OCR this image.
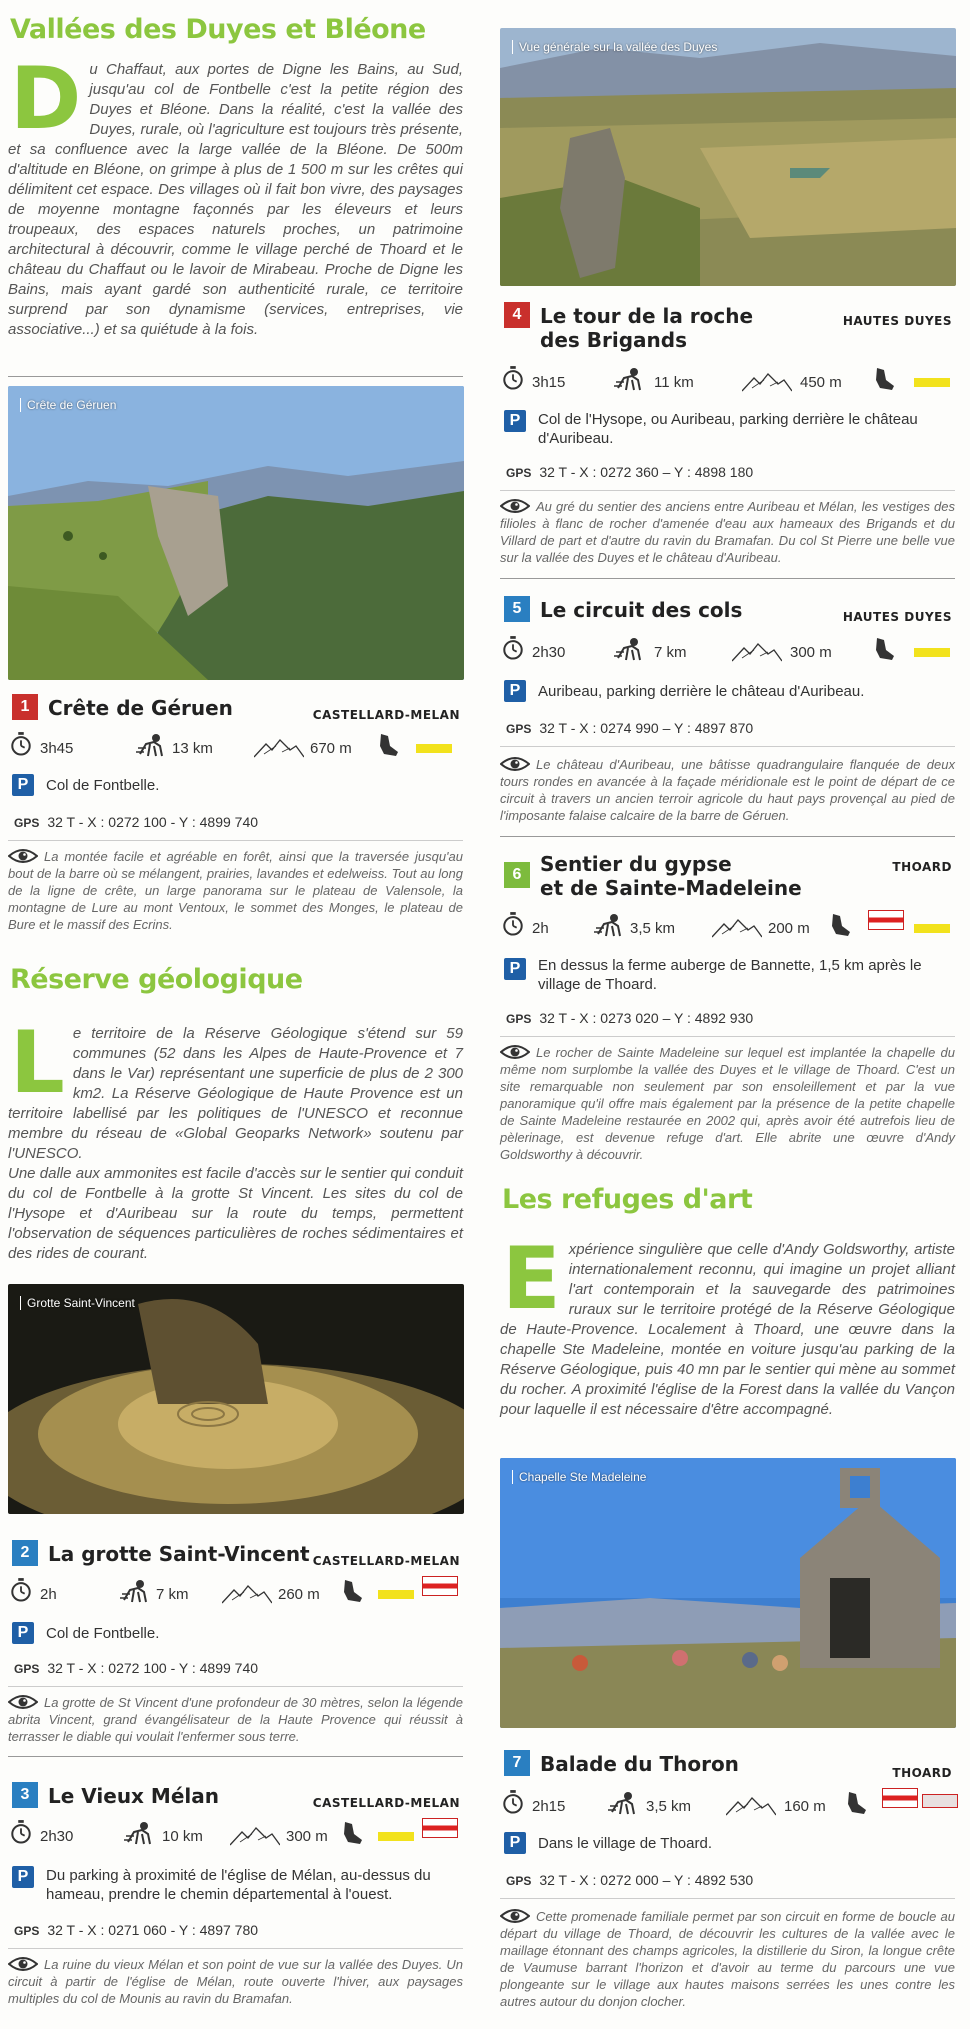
Vallées des Duyes et Bléone
Du Chaffaut, aux portes de Digne les Bains, au Sud, jusqu'au col de Fontbelle c'est la petite région des Duyes et Bléone. Dans la réalité, c'est la vallée des Duyes, rurale, où l'agriculture est toujours très présente, et sa confluence avec la large vallée de la Bléone. De 500m d'altitude en Bléone, on grimpe à plus de 1 500 m sur les crêtes qui délimitent cet espace. Des villages où il fait bon vivre, des paysages de moyenne montagne façonnés par les éleveurs et leurs troupeaux, des espaces naturels proches, un patrimoine architectural à découvrir, comme le village perché de Thoard et le château du Chaffaut ou le lavoir de Mirabeau. Proche de Digne les Bains, mais ayant gardé son authenticité rurale, ce territoire surprend par son dynamisme (services, entreprises, vie associative...) et sa quiétude à la fois.
Crête de Géruen
1 Crête de Géruen	CASTELLARD-MELAN
3h45	13 km	670 m
P	Col de Fontbelle.
GPS 32 T - X : 0272 100 - Y : 4899 740

La montée facile et agréable en forêt, ainsi que la traversée jusqu'au bout de la barre où se mélangent, prairies, lavandes et edelweiss. Tout au long de la ligne de crête, un large panorama sur le plateau de Valensole, la montagne de Lure au mont Ventoux, le sommet des Monges, le plateau de Bure et le massif des Ecrins.

Réserve géologique
Le territoire de la Réserve Géologique s'étend sur 59 communes (52 dans les Alpes de Haute-Provence et 7 dans le Var) représentant une superficie de plus de 2 300 km2. La Réserve Géologique de Haute Provence est un territoire labellisé par les politiques de l'UNESCO et reconnue membre du réseau de «Global Geoparks Network» soutenu par l'UNESCO.
Une dalle aux ammonites est facile d'accès sur le sentier qui conduit du col de Fontbelle à la grotte St Vincent. Les sites du col de l'Hysope et d'Auribeau sur la route du temps, permettent l'observation de séquences particulières de roches sédimentaires et des rides de courant.
Grotte Saint-Vincent
2 La grotte Saint-Vincent CASTELLARD-MELAN
2h	7 km	260 m
P	Col de Fontbelle.
GPS 32 T - X : 0272 100 - Y : 4899 740

La grotte de St Vincent d'une profondeur de 30 mètres, selon la légende abrita Vincent, grand évangélisateur de la Haute Provence qui réussit à terrasser le diable qui voulait l'enfermer sous terre.

3 Le Vieux Mélan	CASTELLARD-MELAN
2h30	10 km	300 m
P	Du parking à proximité de l'église de Mélan, au-dessus du hameau, prendre le chemin départemental à l'ouest.
GPS 32 T - X : 0271 060 - Y : 4897 780

La ruine du vieux Mélan et son point de vue sur la vallée des Duyes. Un circuit à partir de l'église de Mélan, route ouverte l'hiver, aux paysages multiples du col de Mounis au ravin du Bramafan.

Vue générale sur la vallée des Duyes
4 Le tour de la roche
des Brigands
HAUTES DUYES
3h15	11 km	450 m
P	Col de l'Hysope, ou Auribeau, parking derrière le château d'Auribeau.
GPS 32 T - X : 0272 360 – Y : 4898 180

Au gré du sentier des anciens entre Auribeau et Mélan, les vestiges des filioles à flanc de rocher d'amenée d'eau aux hameaux des Brigands et du Villard de part et d'autre du ravin du Bramafan. Du col St Pierre une belle vue sur la vallée des Duyes et le château d'Auribeau.

5 Le circuit des cols	HAUTES DUYES
2h30	7 km	300 m
P	Auribeau, parking derrière le château d'Auribeau.
GPS 32 T - X : 0274 990 – Y : 4897 870

Le château d'Auribeau, une bâtisse quadrangulaire flanquée de deux tours rondes en avancée à la façade méridionale est le point de départ de ce circuit à travers un ancien terroir agricole du haut pays provençal au pied de l'imposante falaise calcaire de la barre de Géruen.

6 Sentier du gypse
et de Sainte-Madeleine
THOARD
2h	3,5 km	200 m
P	En dessus la ferme auberge de Bannette, 1,5 km après le village de Thoard.
GPS 32 T - X : 0273 020 – Y : 4892 930

Le rocher de Sainte Madeleine sur lequel est implantée la chapelle du même nom surplombe la vallée des Duyes et le village de Thoard. C'est un site remarquable non seulement par son ensoleillement et par la vue panoramique qu'il offre mais également par la présence de la petite chapelle de Sainte Madeleine restaurée en 2002 qui, après avoir été autrefois lieu de pèlerinage, est devenue refuge d'art. Elle abrite une œuvre d'Andy Goldsworthy à découvrir.

Les refuges d'art
Expérience singulière que celle d'Andy Goldsworthy, artiste internationalement reconnu, qui imagine un projet alliant l'art contemporain et la sauvegarde des patrimoines ruraux sur le territoire protégé de la Réserve Géologique de Haute-Provence. Localement à Thoard, une œuvre dans la chapelle Ste Madeleine, montée en voiture jusqu'au parking de la Réserve Géologique, puis 40 mn par le sentier qui mène au sommet du rocher. A proximité l'église de la Forest dans la vallée du Vançon pour laquelle il est nécessaire d'être accompagné.
Chapelle Ste Madeleine
7 Balade du Thoron	THOARD
2h15	3,5 km	160 m
P	Dans le village de Thoard.
GPS 32 T - X : 0272 000 – Y : 4892 530

Cette promenade familiale permet par son circuit en forme de boucle au départ du village de Thoard, de découvrir les cultures de la vallée avec le maillage étonnant des champs agricoles, la distillerie du Siron, la longue crête de Vaumuse barrant l'horizon et d'avoir au terme du parcours une vue plongeante sur le village aux hautes maisons serrées les unes contre les autres autour du donjon clocher.
